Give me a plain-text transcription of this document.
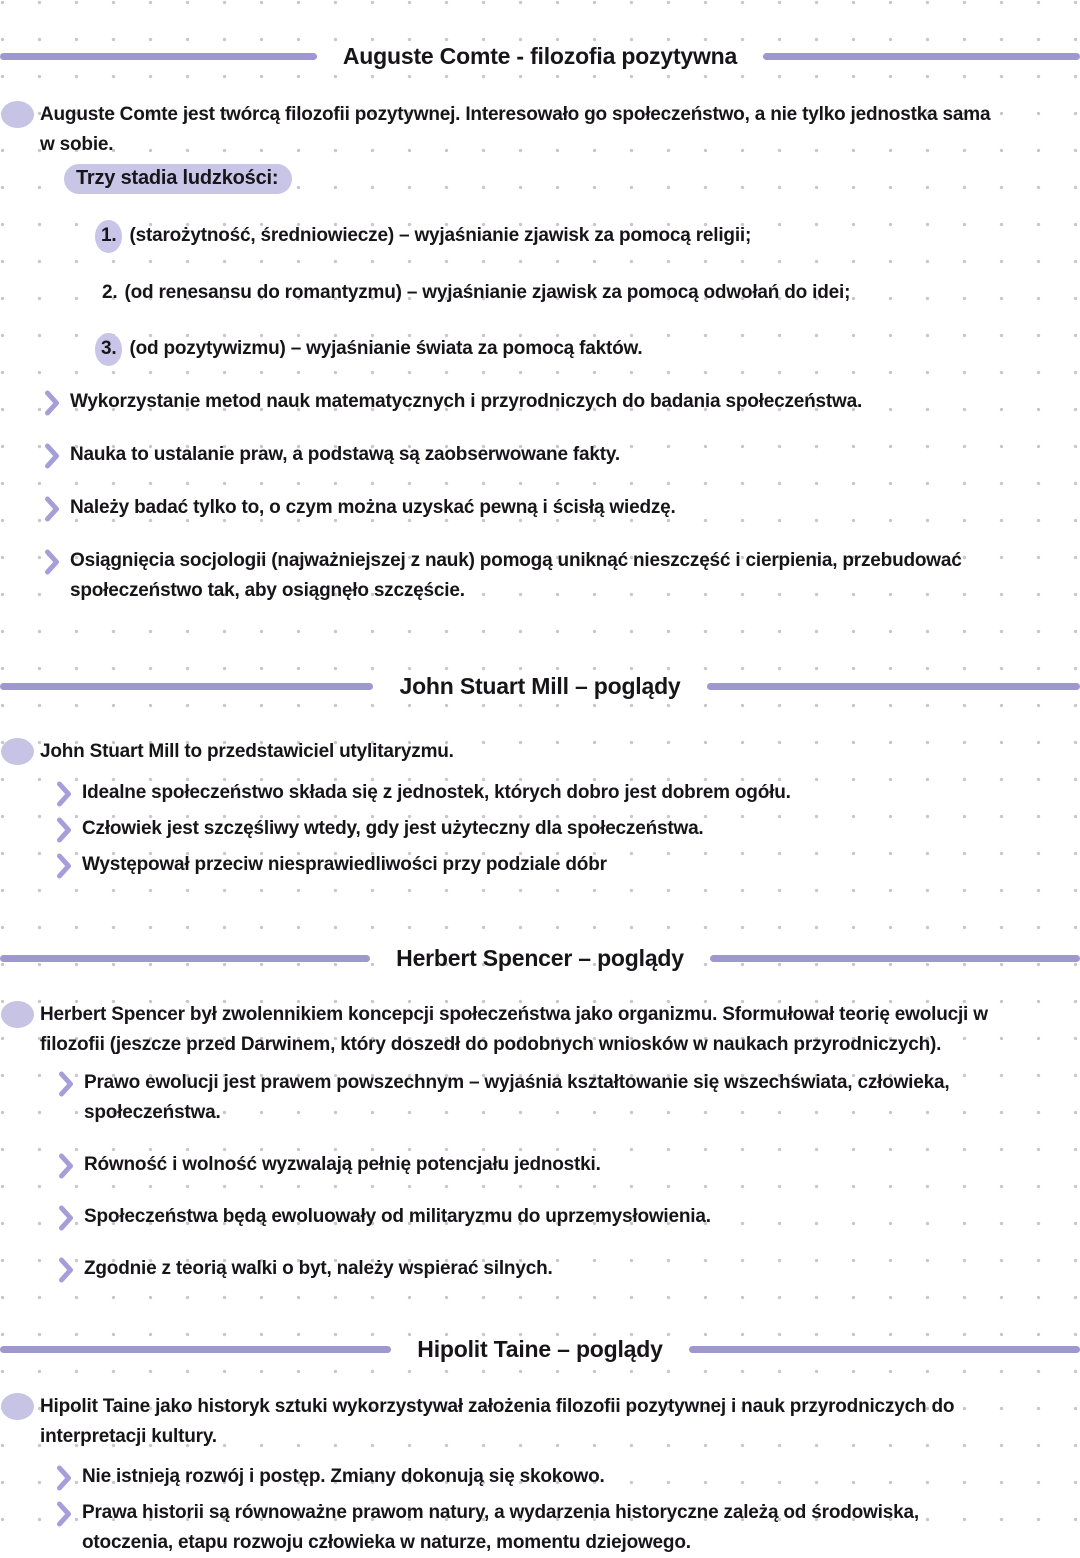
Auguste Comte - filozofia pozytywna

Auguste Comte jest twórcą filozofii pozytywnej. Interesowało go społeczeństwo, a nie tylko jednostka sama w sobie.

Trzy stadia ludzkości:
1. (starożytność, średniowiecze) – wyjaśnianie zjawisk za pomocą religii;
2. (od renesansu do romantyzmu) – wyjaśnianie zjawisk za pomocą odwołań do idei;
3. (od pozytywizmu) – wyjaśnianie świata za pomocą faktów.

Wykorzystanie metod nauk matematycznych i przyrodniczych do badania społeczeństwa.

Nauka to ustalanie praw, a podstawą są zaobserwowane fakty.

Należy badać tylko to, o czym można uzyskać pewną i ścisłą wiedzę.

Osiągnięcia socjologii (najważniejszej z nauk) pomogą uniknąć nieszczęść i cierpienia, przebudować społeczeństwo tak, aby osiągnęło szczęście.

John Stuart Mill – poglądy

John Stuart Mill to przedstawiciel utylitaryzmu.

Idealne społeczeństwo składa się z jednostek, których dobro jest dobrem ogółu.

Człowiek jest szczęśliwy wtedy, gdy jest użyteczny dla społeczeństwa.

Występował przeciw niesprawiedliwości przy podziale dóbr

Herbert Spencer – poglądy

Herbert Spencer był zwolennikiem koncepcji społeczeństwa jako organizmu. Sformułował teorię ewolucji w filozofii (jeszcze przed Darwinem, który doszedł do podobnych wniosków w naukach przyrodniczych).

Prawo ewolucji jest prawem powszechnym – wyjaśnia kształtowanie się wszechświata, człowieka, społeczeństwa.

Równość i wolność wyzwalają pełnię potencjału jednostki.

Społeczeństwa będą ewoluowały od militaryzmu do uprzemysłowienia.

Zgodnie z teorią walki o byt, należy wspierać silnych.

Hipolit Taine – poglądy

Hipolit Taine jako historyk sztuki wykorzystywał założenia filozofii pozytywnej i nauk przyrodniczych do interpretacji kultury.

Nie istnieją rozwój i postęp. Zmiany dokonują się skokowo.

Prawa historii są równoważne prawom natury, a wydarzenia historyczne zależą od środowiska, otoczenia, etapu rozwoju człowieka w naturze, momentu dziejowego.
